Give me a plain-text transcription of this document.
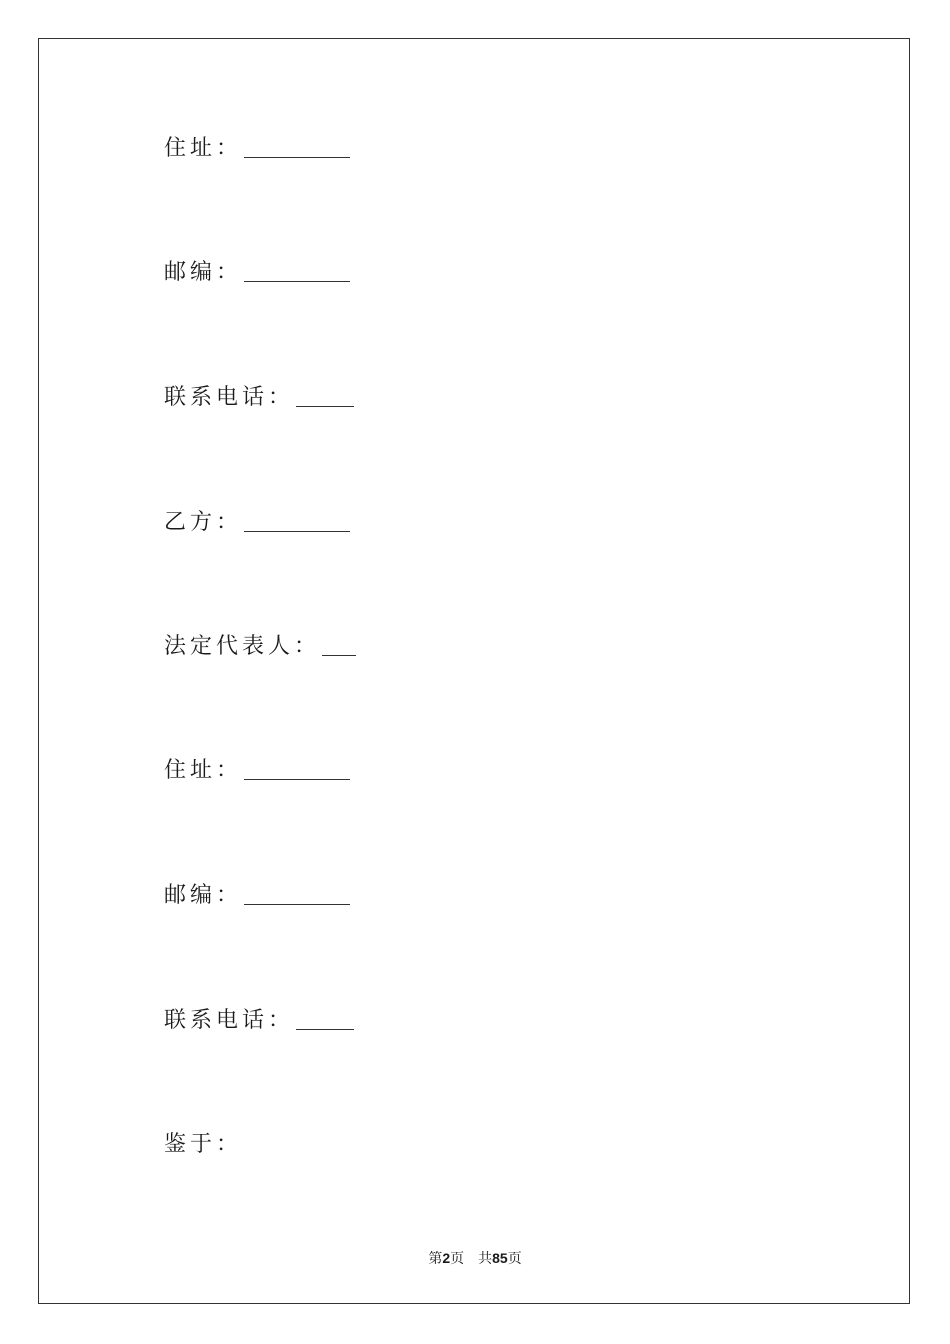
住址：
邮编：
联系电话：
乙方：
法定代表人：
住址：
邮编：
联系电话：
鉴于：
第2页 共85页
